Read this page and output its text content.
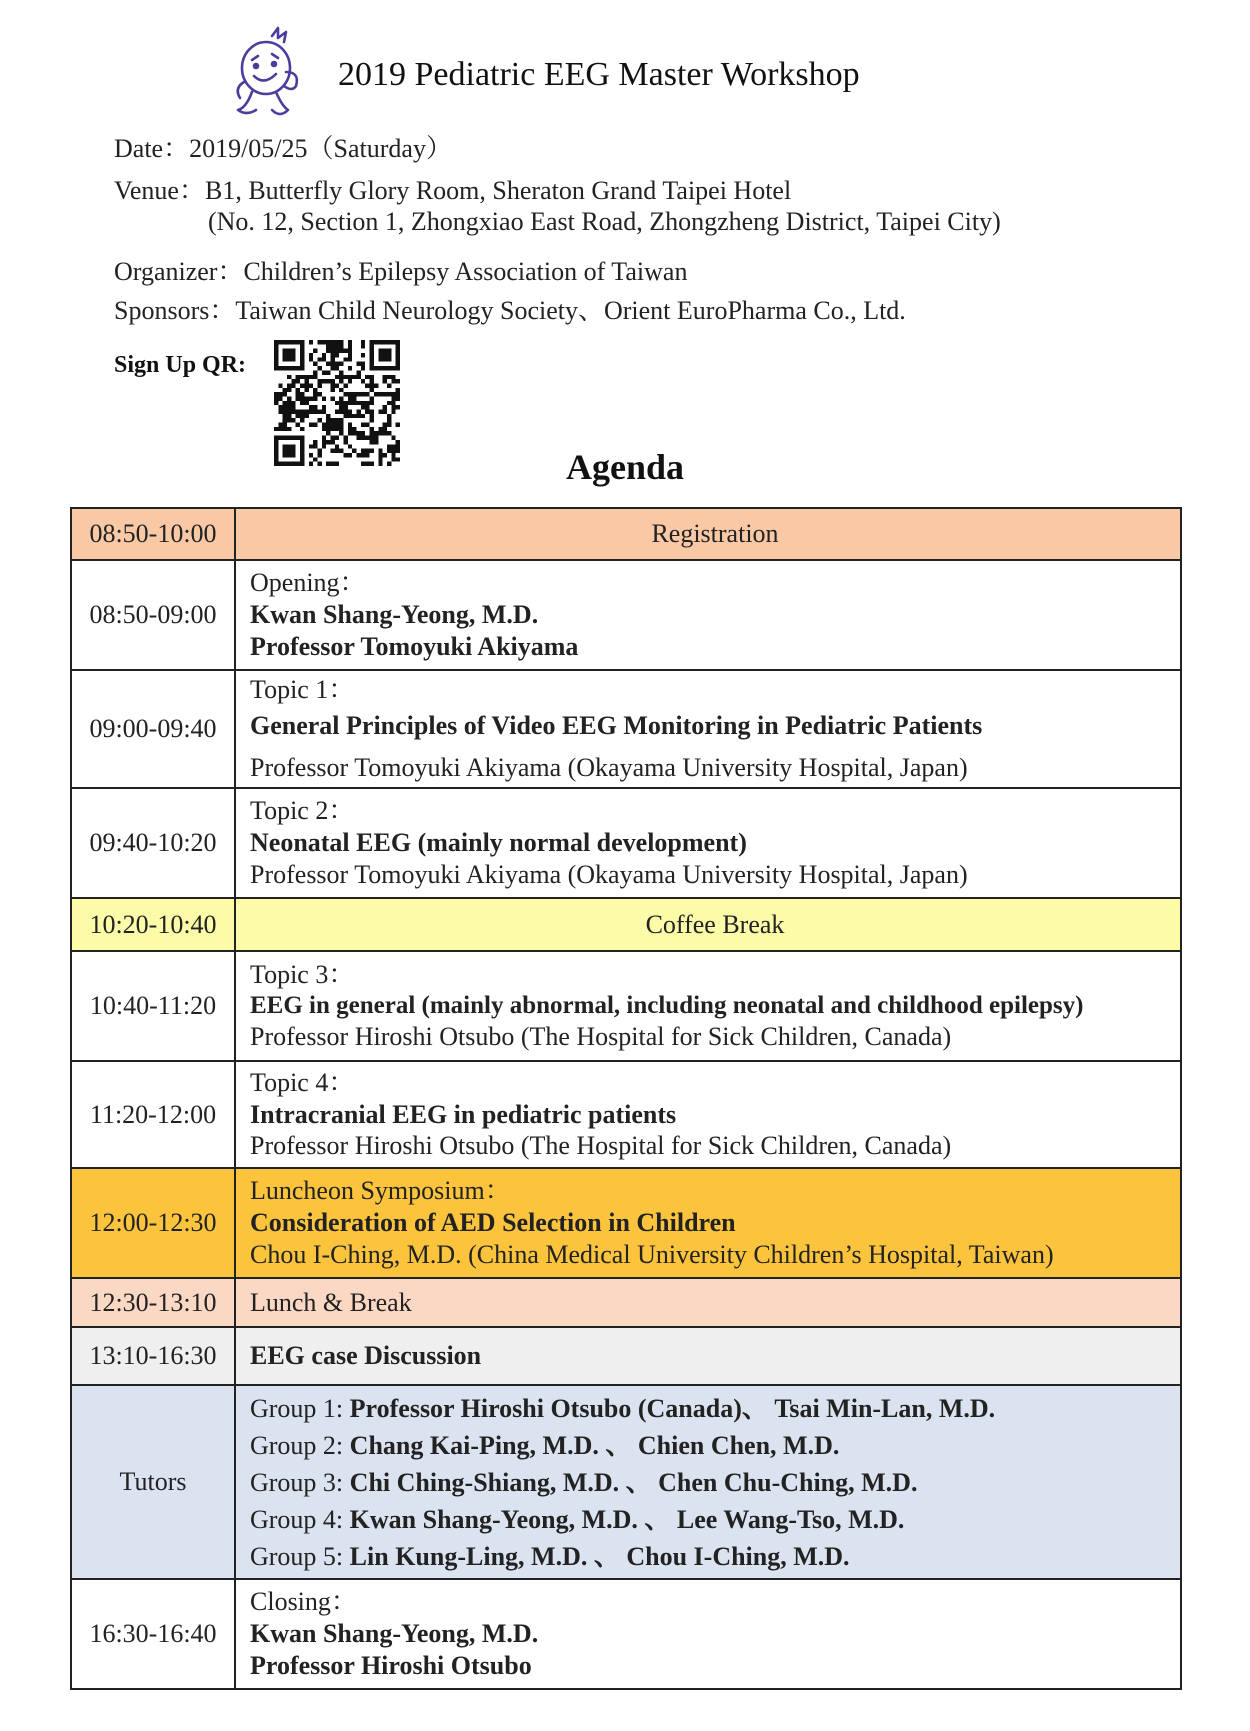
2019 Pediatric EEG Master Workshop
Date：2019/05/25（Saturday）
Venue：B1, Butterfly Glory Room, Sheraton Grand Taipei Hotel
(No. 12, Section 1, Zhongxiao East Road, Zhongzheng District, Taipei City)
Organizer：Children’s Epilepsy Association of Taiwan
Sponsors：Taiwan Child Neurology Society、Orient EuroPharma Co., Ltd.
Sign Up QR:
Agenda
08:50-10:00	Registration
08:50-09:00	Opening：
Kwan Shang-Yeong, M.D.
Professor Tomoyuki Akiyama

09:00-09:40	Topic 1：
General Principles of Video EEG Monitoring in Pediatric Patients
Professor Tomoyuki Akiyama (Okayama University Hospital, Japan)

09:40-10:20	Topic 2：
Neonatal EEG (mainly normal development)
Professor Tomoyuki Akiyama (Okayama University Hospital, Japan)

10:20-10:40	Coffee Break
10:40-11:20	Topic 3：
EEG in general (mainly abnormal, including neonatal and childhood epilepsy)
Professor Hiroshi Otsubo (The Hospital for Sick Children, Canada)

11:20-12:00	Topic 4：
Intracranial EEG in pediatric patients
Professor Hiroshi Otsubo (The Hospital for Sick Children, Canada)

12:00-12:30	Luncheon Symposium：
Consideration of AED Selection in Children
Chou I-Ching, M.D. (China Medical University Children’s Hospital, Taiwan)

12:30-13:10	Lunch & Break
13:10-16:30	EEG case Discussion
Tutors	Group 1: Professor Hiroshi Otsubo (Canada)、 Tsai Min-Lan, M.D.
Group 2: Chang Kai-Ping, M.D. 、 Chien Chen, M.D.
Group 3: Chi Ching-Shiang, M.D. 、 Chen Chu-Ching, M.D.
Group 4: Kwan Shang-Yeong, M.D. 、 Lee Wang-Tso, M.D.
Group 5: Lin Kung-Ling, M.D. 、 Chou I-Ching, M.D.

16:30-16:40	Closing：
Kwan Shang-Yeong, M.D.
Professor Hiroshi Otsubo
